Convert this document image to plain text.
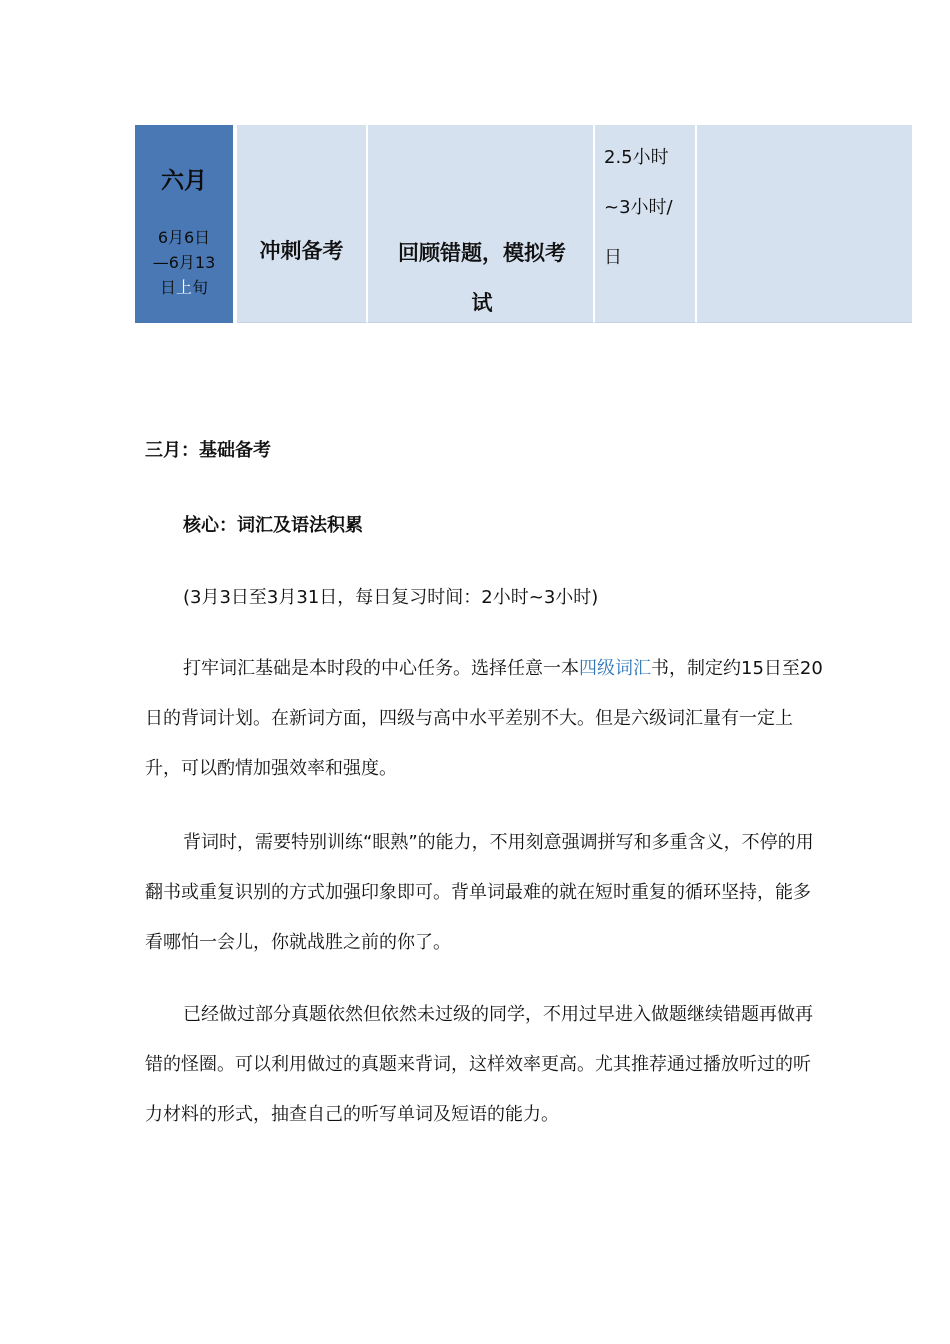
六月
6月6日
—6月13
日上旬
冲刺备考	回顾错题，模拟考
试
2.5小时
~3小时/
日
三月：基础备考
核心：词汇及语法积累
(3月3日至3月31日，每日复习时间：2小时~3小时)

打牢词汇基础是本时段的中心任务。选择任意一本四级词汇书，制定约15日至20日的背词计划。在新词方面，四级与高中水平差别不大。但是六级词汇量有一定上升，可以酌情加强效率和强度。

背词时，需要特别训练“眼熟”的能力，不用刻意强调拼写和多重含义，不停的用翻书或重复识别的方式加强印象即可。背单词最难的就在短时重复的循环坚持，能多看哪怕一会儿，你就战胜之前的你了。

已经做过部分真题依然但依然未过级的同学，不用过早进入做题继续错题再做再错的怪圈。可以利用做过的真题来背词，这样效率更高。尤其推荐通过播放听过的听力材料的形式，抽查自己的听写单词及短语的能力。
